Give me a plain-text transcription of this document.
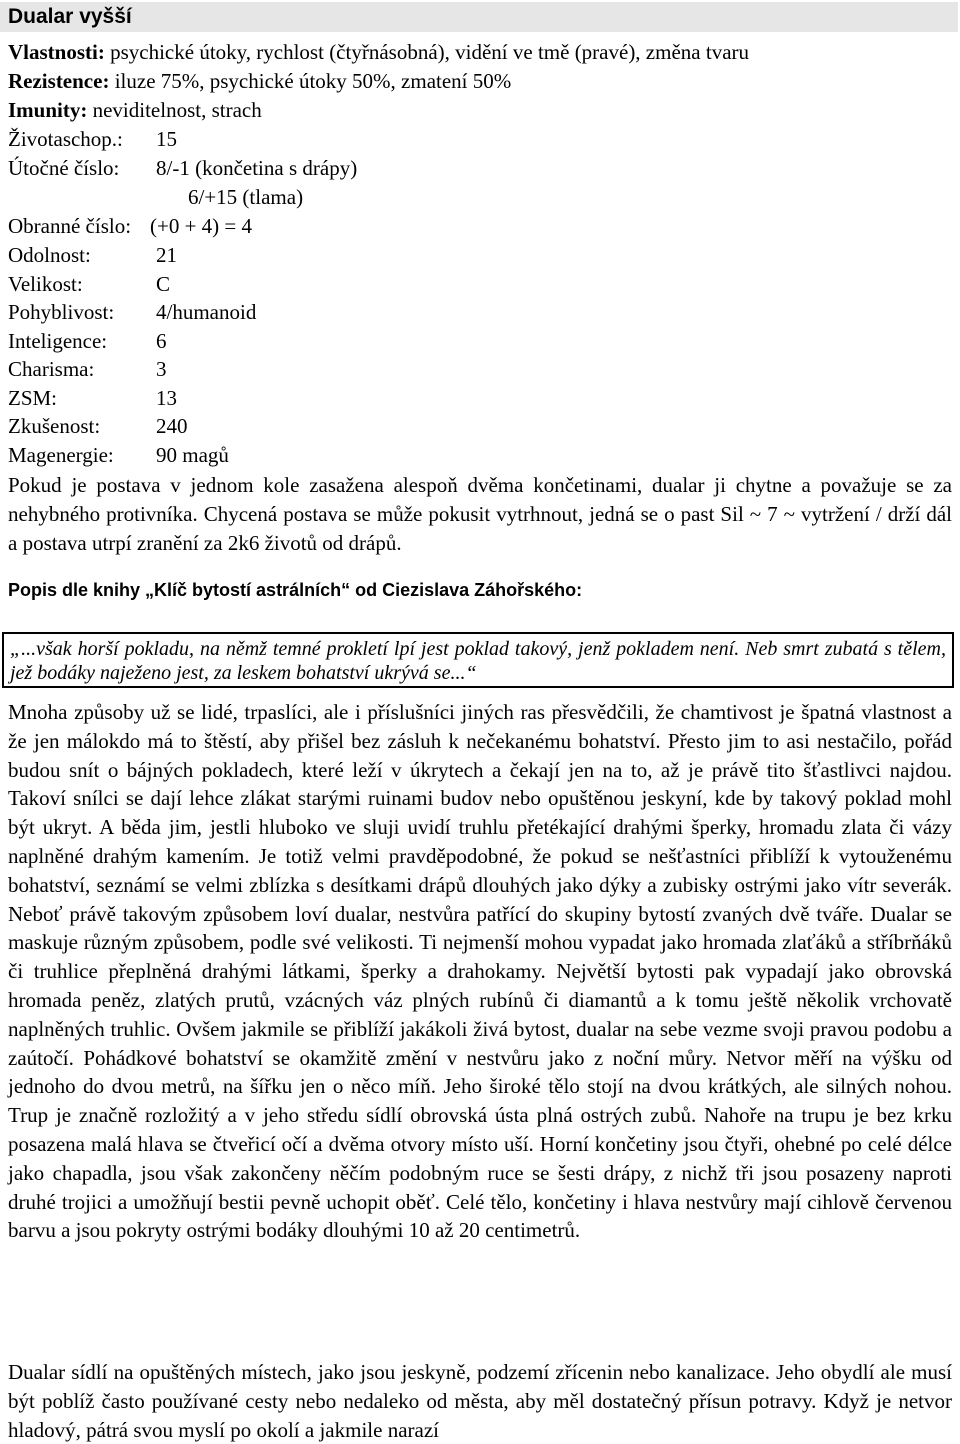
Dualar vyšší
Vlastnosti: psychické útoky, rychlost (čtyřnásobná), vidění ve tmě (pravé), změna tvaru
Rezistence: iluze 75%, psychické útoky 50%, zmatení 50%
Imunity: neviditelnost, strach
Životaschop.: 15
Útočné číslo: 8/-1 (končetina s drápy)
6/+15 (tlama)
Obranné číslo: (+0 + 4) = 4
Odolnost:	21
Velikost:	C
Pohyblivost: 4/humanoid
Inteligence: 6
Charisma:	3
ZSM:	13
Zkušenost:	240
Magenergie: 90 magů
Pokud je postava v jednom kole zasažena alespoň dvěma končetinami, dualar ji chytne a považuje se za nehybného protivníka. Chycená postava se může pokusit vytrhnout, jedná se o past Sil ~ 7 ~ vytržení / drží dál a postava utrpí zranění za 2k6 životů od drápů.
Popis dle knihy „Klíč bytostí astrálních“ od Ciezislava Záhořského:
„...však horší pokladu, na němž temné prokletí lpí jest poklad takový, jenž pokladem není. Neb smrt zubatá s tělem, jež bodáky naježeno jest, za leskem bohatství ukrývá se...“
Mnoha způsoby už se lidé, trpaslíci, ale i příslušníci jiných ras přesvědčili, že chamtivost je špatná vlastnost a že jen málokdo má to štěstí, aby přišel bez zásluh k nečekanému bohatství. Přesto jim to asi nestačilo, pořád budou snít o bájných pokladech, které leží v úkrytech a čekají jen na to, až je právě tito šťastlivci najdou. Takoví snílci se dají lehce zlákat starými ruinami budov nebo opuštěnou jeskyní, kde by takový poklad mohl být ukryt. A běda jim, jestli hluboko ve sluji uvidí truhlu přetékající drahými šperky, hromadu zlata či vázy naplněné drahým kamením. Je totiž velmi pravděpodobné, že pokud se nešťastníci přiblíží k vytouženému bohatství, seznámí se velmi zblízka s desítkami drápů dlouhých jako dýky a zubisky ostrými jako vítr severák. Neboť právě takovým způsobem loví dualar, nestvůra patřící do skupiny bytostí zvaných dvě tváře. Dualar se maskuje různým způsobem, podle své velikosti. Ti nejmenší mohou vypadat jako hromada zlaťáků a stříbrňáků či truhlice přeplněná drahými látkami, šperky a drahokamy. Největší bytosti pak vypadají jako obrovská hromada peněz, zlatých prutů, vzácných váz plných rubínů či diamantů a k tomu ještě několik vrchovatě naplněných truhlic. Ovšem jakmile se přiblíží jakákoli živá bytost, dualar na sebe vezme svoji pravou podobu a zaútočí. Pohádkové bohatství se okamžitě změní v nestvůru jako z noční můry. Netvor měří na výšku od jednoho do dvou metrů, na šířku jen o něco míň. Jeho široké tělo stojí na dvou krátkých, ale silných nohou. Trup je značně rozložitý a v jeho středu sídlí obrovská ústa plná ostrých zubů. Nahoře na trupu je bez krku posazena malá hlava se čtveřicí očí a dvěma otvory místo uší. Horní končetiny jsou čtyři, ohebné po celé délce jako chapadla, jsou však zakončeny něčím podobným ruce se šesti drápy, z nichž tři jsou posazeny naproti druhé trojici a umožňují bestii pevně uchopit oběť. Celé tělo, končetiny i hlava nestvůry mají cihlově červenou barvu a jsou pokryty ostrými bodáky dlouhými 10 až 20 centimetrů.
Dualar sídlí na opuštěných místech, jako jsou jeskyně, podzemí zřícenin nebo kanalizace. Jeho obydlí ale musí být poblíž často používané cesty nebo nedaleko od města, aby měl dostatečný přísun potravy. Když je netvor hladový, pátrá svou myslí po okolí a jakmile narazí
